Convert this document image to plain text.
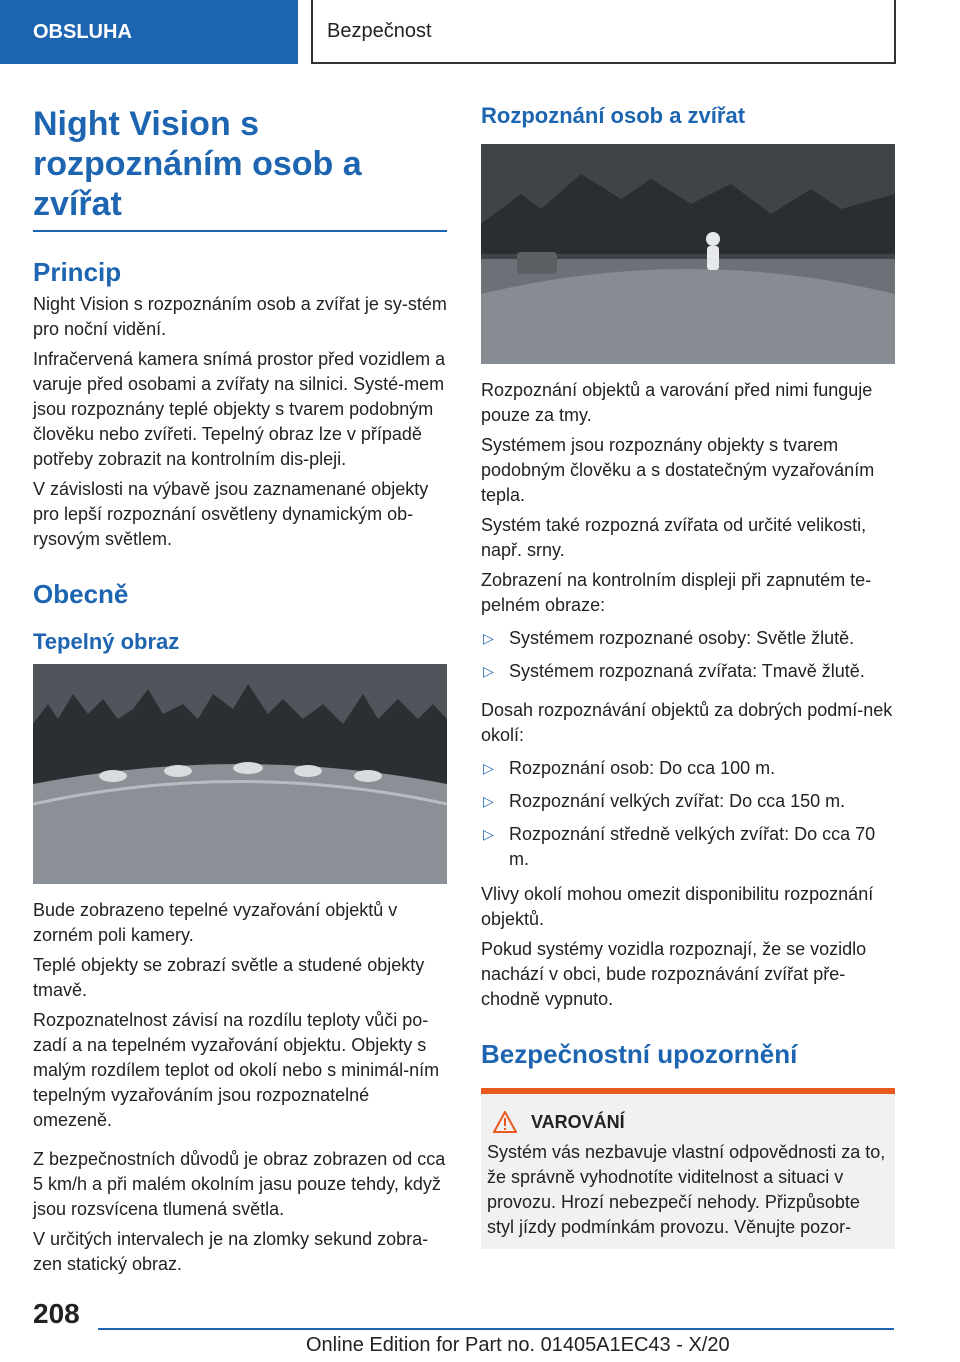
OBSLUHA	Bezpečnost
Night Vision s rozpoznáním osob a zvířat
Princip

Night Vision s rozpoznáním osob a zvířat je sy-stém pro noční vidění.

Infračervená kamera snímá prostor před vozidlem a varuje před osobami a zvířaty na silnici. Systé-mem jsou rozpoznány teplé objekty s tvarem podobným člověku nebo zvířeti. Tepelný obraz lze v případě potřeby zobrazit na kontrolním dis-pleji.

V závislosti na výbavě jsou zaznamenané objekty pro lepší rozpoznání osvětleny dynamickým ob-rysovým světlem.

Obecně
Tepelný obraz

Bude zobrazeno tepelné vyzařování objektů v zorném poli kamery.

Teplé objekty se zobrazí světle a studené objekty tmavě.

Rozpoznatelnost závisí na rozdílu teploty vůči po-zadí a na tepelném vyzařování objektu. Objekty s malým rozdílem teplot od okolí nebo s minimál-ním tepelným vyzařováním jsou rozpoznatelné omezeně.

Z bezpečnostních důvodů je obraz zobrazen od cca 5 km/h a při malém okolním jasu pouze tehdy, když jsou rozsvícena tlumená světla.

V určitých intervalech je na zlomky sekund zobra-zen statický obraz.

Rozpoznání osob a zvířat

Rozpoznání objektů a varování před nimi funguje pouze za tmy.

Systémem jsou rozpoznány objekty s tvarem podobným člověku a s dostatečným vyzařováním tepla.

Systém také rozpozná zvířata od určité velikosti, např. srny.

Zobrazení na kontrolním displeji při zapnutém te-pelném obraze:

▷ Systémem rozpoznané osoby: Světle žlutě.
▷ Systémem rozpoznaná zvířata: Tmavě žlutě.

Dosah rozpoznávání objektů za dobrých podmí-nek okolí:

▷ Rozpoznání osob: Do cca 100 m.
▷ Rozpoznání velkých zvířat: Do cca 150 m.
▷ Rozpoznání středně velkých zvířat: Do cca 70 m.

Vlivy okolí mohou omezit disponibilitu rozpoznání objektů.

Pokud systémy vozidla rozpoznají, že se vozidlo nachází v obci, bude rozpoznávání zvířat pře-chodně vypnuto.

Bezpečnostní upozornění
VAROVÁNÍ

Systém vás nezbavuje vlastní odpovědnosti za to, že správně vyhodnotíte viditelnost a situaci v provozu. Hrozí nebezpečí nehody. Přizpůsobte styl jízdy podmínkám provozu. Věnujte pozor-

208
Online Edition for Part no. 01405A1EC43 - X/20
